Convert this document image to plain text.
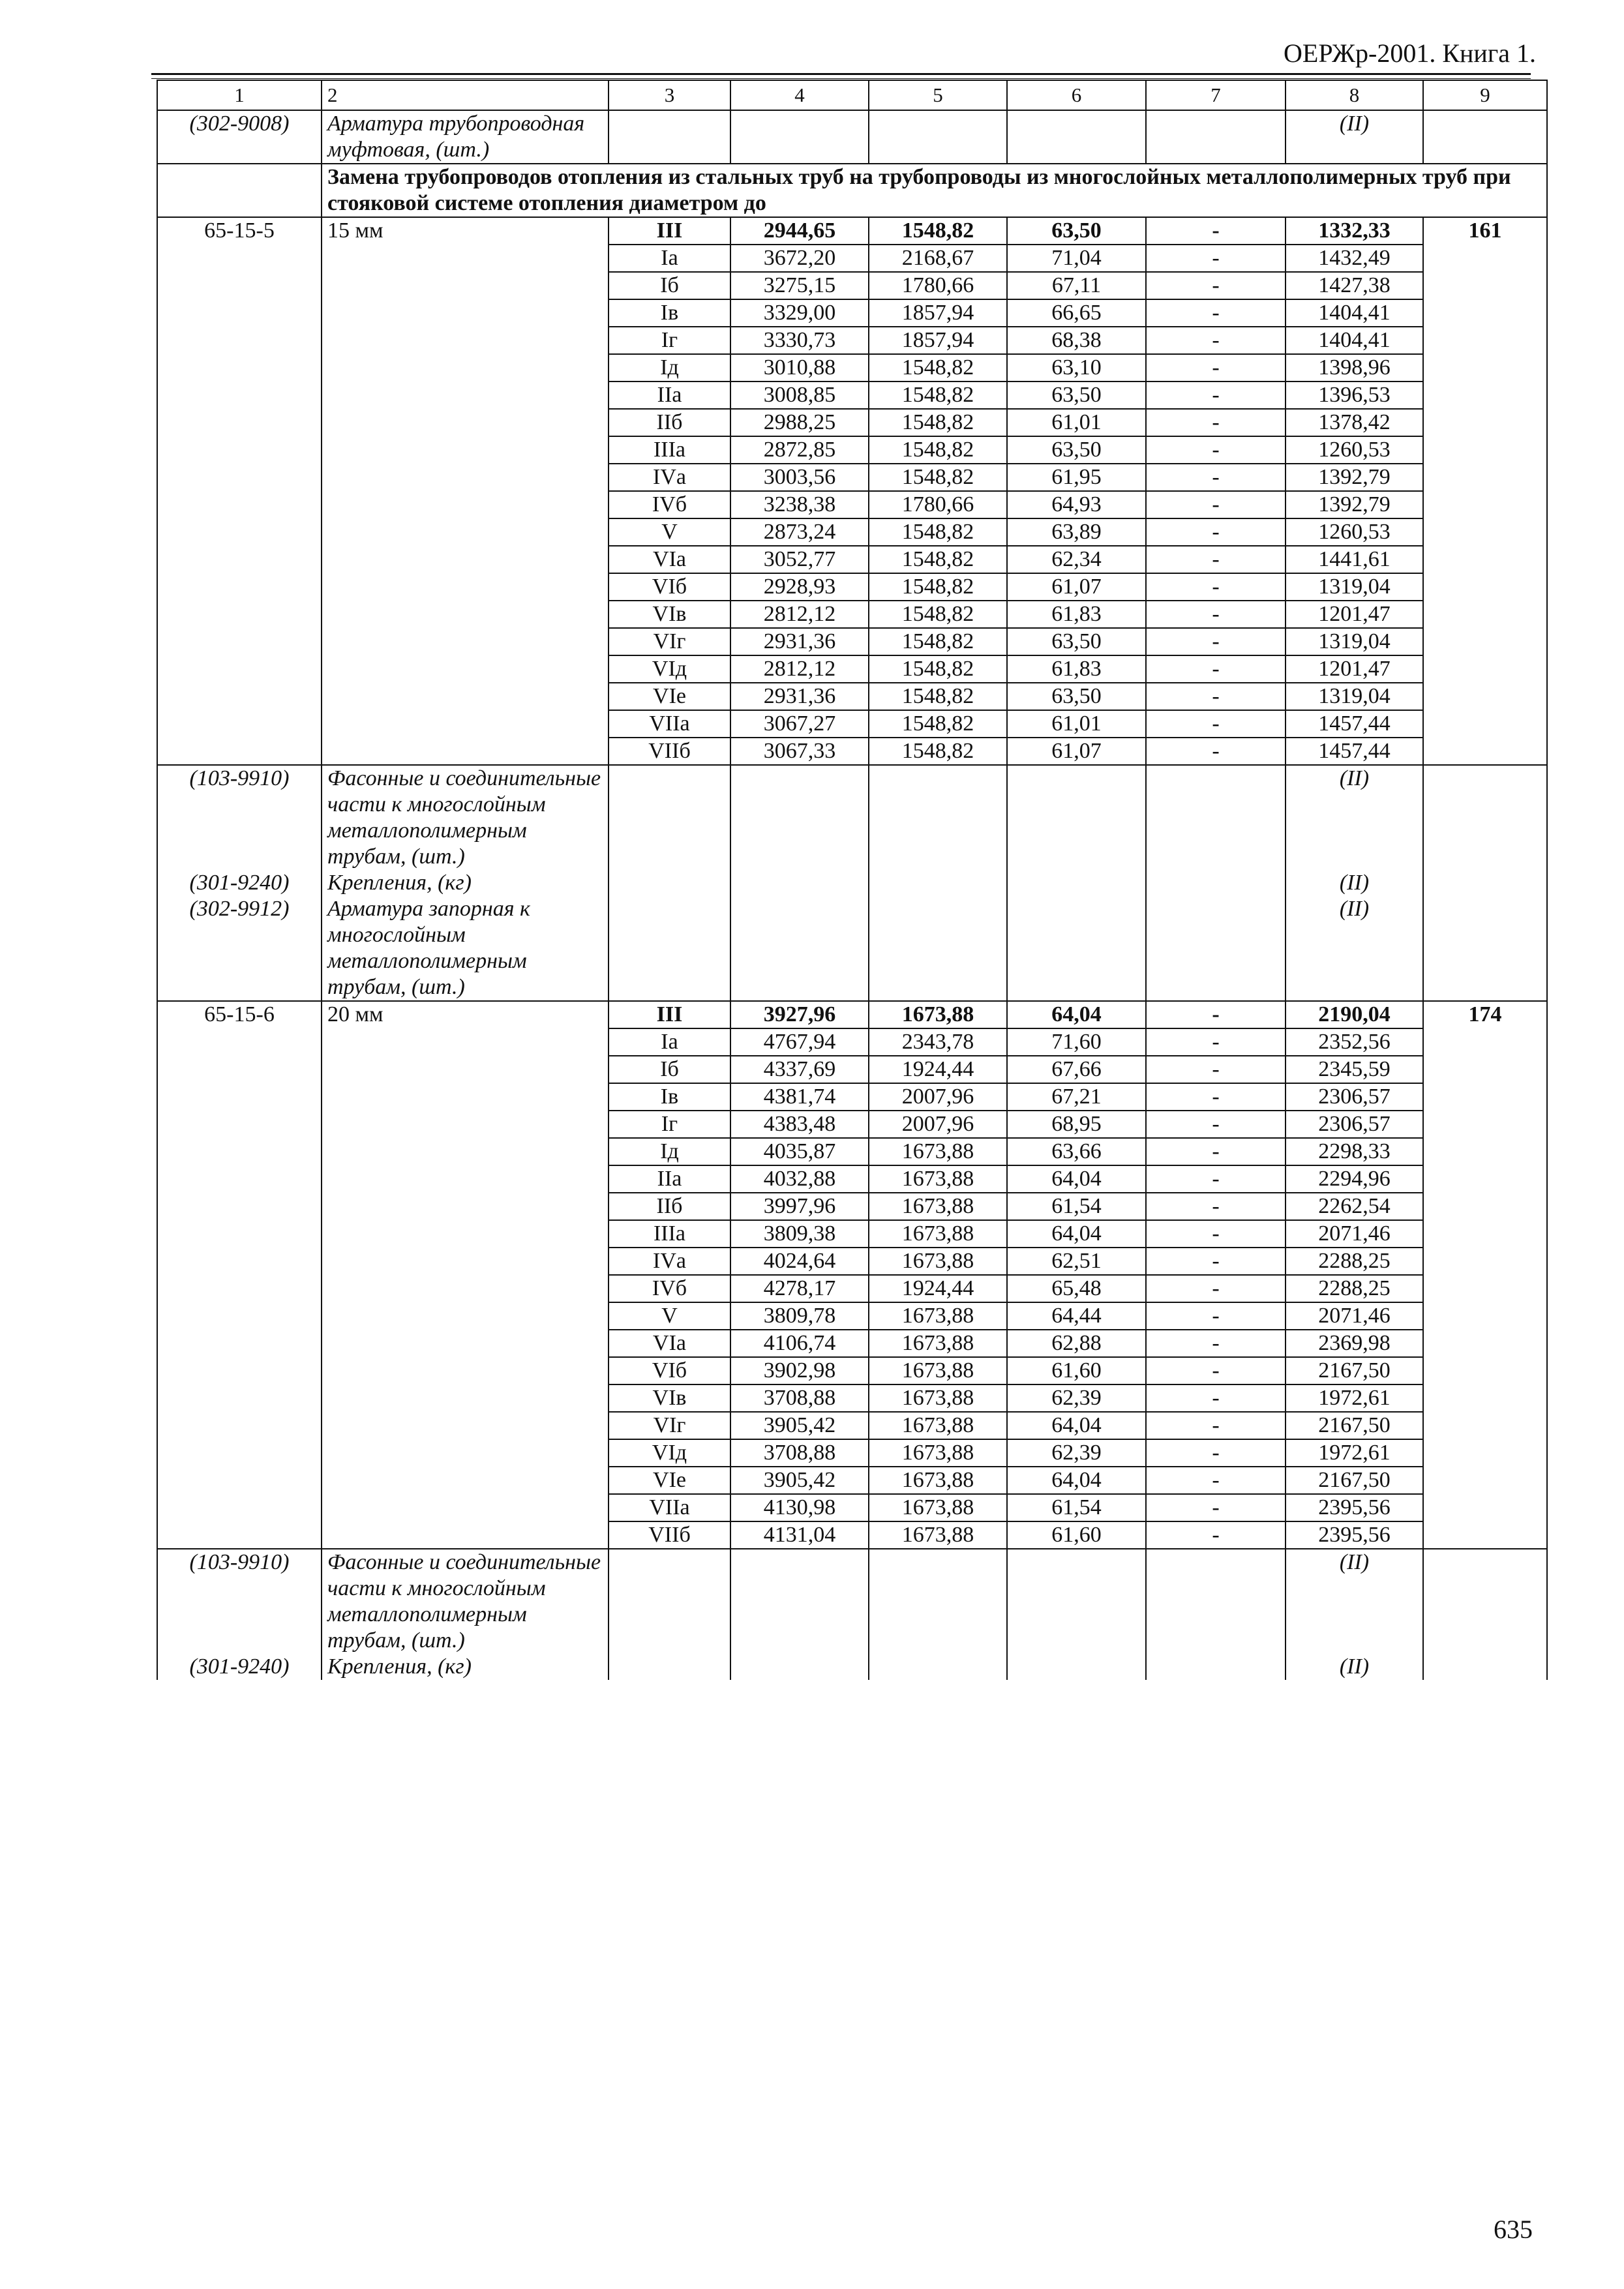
ОЕРЖр-2001. Книга 1.
1	2	3	4	5	6	7	8	9
(302-9008)	Арматура трубопроводная муфтовая, (шт.)						(II)	
	Замена трубопроводов отопления из стальных труб на трубопроводы из многослойных металлополимерных труб при стояковой системе отопления диаметром до							
65-15-5	15 мм	III	2944,65	1548,82	63,50	-	1332,33	161
		Iа	3672,20	2168,67	71,04	-	1432,49	
		Iб	3275,15	1780,66	67,11	-	1427,38	
		Iв	3329,00	1857,94	66,65	-	1404,41	
		Iг	3330,73	1857,94	68,38	-	1404,41	
		Iд	3010,88	1548,82	63,10	-	1398,96	
		IIа	3008,85	1548,82	63,50	-	1396,53	
		IIб	2988,25	1548,82	61,01	-	1378,42	
		IIIа	2872,85	1548,82	63,50	-	1260,53	
		IVа	3003,56	1548,82	61,95	-	1392,79	
		IVб	3238,38	1780,66	64,93	-	1392,79	
		V	2873,24	1548,82	63,89	-	1260,53	
		VIа	3052,77	1548,82	62,34	-	1441,61	
		VIб	2928,93	1548,82	61,07	-	1319,04	
		VIв	2812,12	1548,82	61,83	-	1201,47	
		VIг	2931,36	1548,82	63,50	-	1319,04	
		VIд	2812,12	1548,82	61,83	-	1201,47	
		VIе	2931,36	1548,82	63,50	-	1319,04	
		VIIа	3067,27	1548,82	61,01	-	1457,44	
		VIIб	3067,33	1548,82	61,07	-	1457,44	
(103-9910)	Фасонные и соединительные части к многослойным металлополимерным трубам, (шт.)						(II)	
(301-9240)	Крепления, (кг)						(II)	
(302-9912)	Арматура запорная к многослойным металлополимерным трубам, (шт.)						(II)	
65-15-6	20 мм	III	3927,96	1673,88	64,04	-	2190,04	174
		Iа	4767,94	2343,78	71,60	-	2352,56	
		Iб	4337,69	1924,44	67,66	-	2345,59	
		Iв	4381,74	2007,96	67,21	-	2306,57	
		Iг	4383,48	2007,96	68,95	-	2306,57	
		Iд	4035,87	1673,88	63,66	-	2298,33	
		IIа	4032,88	1673,88	64,04	-	2294,96	
		IIб	3997,96	1673,88	61,54	-	2262,54	
		IIIа	3809,38	1673,88	64,04	-	2071,46	
		IVа	4024,64	1673,88	62,51	-	2288,25	
		IVб	4278,17	1924,44	65,48	-	2288,25	
		V	3809,78	1673,88	64,44	-	2071,46	
		VIа	4106,74	1673,88	62,88	-	2369,98	
		VIб	3902,98	1673,88	61,60	-	2167,50	
		VIв	3708,88	1673,88	62,39	-	1972,61	
		VIг	3905,42	1673,88	64,04	-	2167,50	
		VIд	3708,88	1673,88	62,39	-	1972,61	
		VIе	3905,42	1673,88	64,04	-	2167,50	
		VIIа	4130,98	1673,88	61,54	-	2395,56	
		VIIб	4131,04	1673,88	61,60	-	2395,56	
(103-9910)	Фасонные и соединительные части к многослойным металлополимерным трубам, (шт.)						(II)	
(301-9240)	Крепления, (кг)						(II)	
635
